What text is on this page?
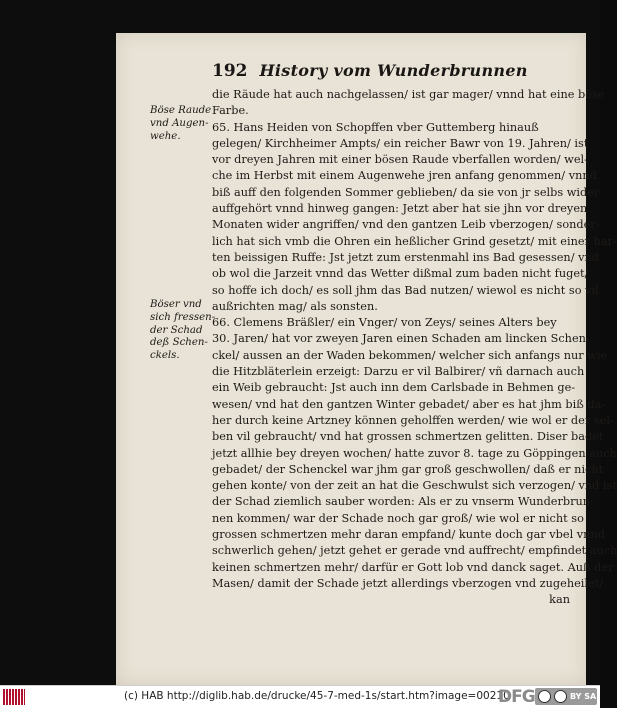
192 History vom Wunderbrunnen
Böse Raude
vnd Augen-
wehe.
Böser vnd
sich fressen-
der Schad
deß Schen-
ckels.
die Räude hat auch nachgelassen/ ist gar mager/ vnnd hat eine böse
Farbe.
65. Hans Heiden von Schopffen vber Guttemberg hinauß
gelegen/ Kirchheimer Ampts/ ein reicher Bawr von 19. Jahren/ ist
vor dreyen Jahren mit einer bösen Raude vberfallen worden/ wel-
che im Herbst mit einem Augenwehe jren anfang genommen/ vnnd
biß auff den folgenden Sommer geblieben/ da sie von jr selbs wider
auffgehört vnnd hinweg gangen: Jetzt aber hat sie jhn vor dreyen
Monaten wider angriffen/ vnd den gantzen Leib vberzogen/ sonder-
lich hat sich vmb die Ohren ein heßlicher Grind gesetzt/ mit einer har-
ten beissigen Ruffe: Jst jetzt zum erstenmahl ins Bad gesessen/ vnd
ob wol die Jarzeit vnnd das Wetter dißmal zum baden nicht fuget/
so hoffe ich doch/ es soll jhm das Bad nutzen/ wiewol es nicht so vil
außrichten mag/ als sonsten.
66. Clemens Bräßler/ ein Vnger/ von Zeys/ seines Alters bey
30. Jaren/ hat vor zweyen Jaren einen Schaden am lincken Schen-
ckel/ aussen an der Waden bekommen/ welcher sich anfangs nur wie
die Hitzbläterlein erzeigt: Darzu er vil Balbirer/ vñ darnach auch
ein Weib gebraucht: Jst auch inn dem Carlsbade in Behmen ge-
wesen/ vnd hat den gantzen Winter gebadet/ aber es hat jhm biß da-
her durch keine Artzney können geholffen werden/ wie wol er der sel-
ben vil gebraucht/ vnd hat grossen schmertzen gelitten. Diser badet
jetzt allhie bey dreyen wochen/ hatte zuvor 8. tage zu Göppingen auch
gebadet/ der Schenckel war jhm gar groß geschwollen/ daß er nicht
gehen konte/ von der zeit an hat die Geschwulst sich verzogen/ vnd ist
der Schad ziemlich sauber worden: Als er zu vnserm Wunderbrun-
nen kommen/ war der Schade noch gar groß/ wie wol er nicht so
grossen schmertzen mehr daran empfand/ kunte doch gar vbel vnnd
schwerlich gehen/ jetzt gehet er gerade vnd auffrecht/ empfindet auch
keinen schmertzen mehr/ darfür er Gott lob vnd danck saget. Auß der
Masen/ damit der Schade jetzt allerdings vberzogen vnd zugeheilet/
kan
(c) HAB http://diglib.hab.de/drucke/45-7-med-1s/start.htm?image=00210
DFG	BY SA
